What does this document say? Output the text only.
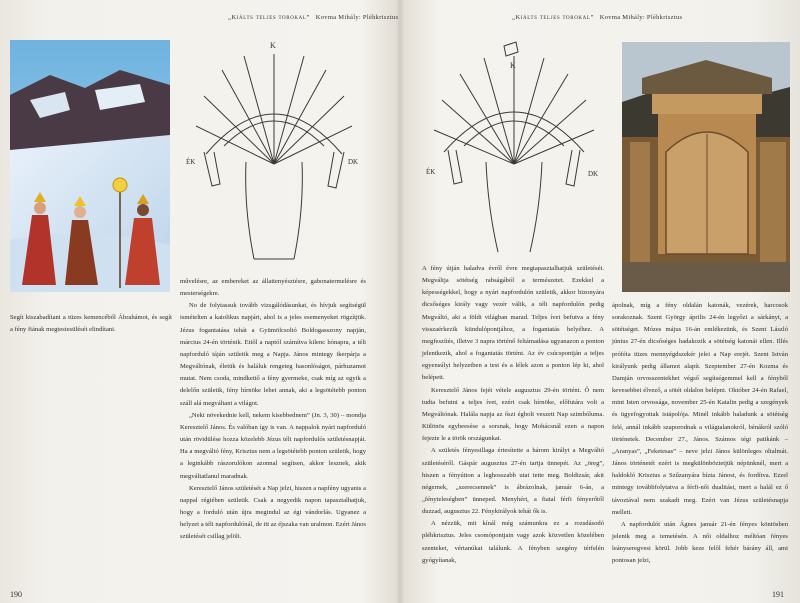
„Kiálts teljes torokal” Kovma Mihály: Pléhkrisztus
K
ÉK	DK

Segít kiszabadítani a tüzes kemencéből Ábrahámot, és segít a fény fiának megtestesülését elindítani.

művelésre, az embereket az állattenyésztésre, gabonatermelésre és mesterségekre.

No de folytassuk tovább vizsgálódásunkat, és hívjuk segítségül ismételten a katolikus napjárt, ahol is a jeles esemenyeket rögzítjük. Jézus fogantatása tehát a Gyümölcsoltó Boldogasszony napján, március 24-én történik. Ettől a naptól számítva kilenc hónapra, a téli napforduló táján születik meg a Napja. János mintegy ikerpárja a Megváltónak, életük és haláluk rengeteg hasonlóságot, párhuzamot mutat. Nem csoda, mindkettő a fény gyermeke, csak míg az egyik a delelőn születik, fény hírnöke lehet annak, aki a legsötétebb ponton száll alá megváltani a világot.

„Neki növekednie kell, nekem kisebbednem” (Jn. 3, 30) – mondja Keresztelő János. És valóban így is van. A nappalok nyári napforduló után rövidülése hozza közelebb Jézus téli napfordulós születésnapját. Ha a megváltó fény, Krisztus nem a legsötétebb ponton születik, hogy a leginkább rászorulókon azonnal segítsen, akkor lesznek, akik megváltatlanul maradnak.

Keresztelő János születését a Nap jelzi, hiszen a napfény ugyanis a nappal régiében születik. Csak a negyedik napon tapasztalhatjuk, hogy a forduló után újra megindul az égi vándorlás. Ugyanez a helyzet a téli napfordulónál, de itt az éjszaka van uralmon. Ezért János születését csillag jelöli.

190
„Kiálts teljes torokal” Kovma Mihály: Pléhkrisztus
K
ÉK	DK

A fény útján haladva évről évre megtapasztalhatjuk születését. Megváltja sötétség rabságából a természetet. Ezekkel a képességekkel, hogy a nyári napfordulón születik, akkor bizonyára dicsőséges király vagy vezér válik, a téli napfordulón pedig Megváltó, aki a földi világban marad. Teljes ívet befutva a fény visszaérkezik kiindulópontjához, a fogantatás helyéhez. A megfeszítés, illetve 3 napra történő feltámadása ugyanazon a ponton jelentkezik, ahol a fogantatás történt. Az év csúcspontján a teljes egyensúlyi helyzetben a test és a lélek azon a ponton lép ki, ahol belépett.

Keresztelő János fejét vétele augusztus 29-én történt. Ő nem tudta befutni a teljes ívet, ezért csak hírnöke, előfutára volt a Megváltónak. Halála napja az őszi égbolt veszett Nap szimbóluma. Különös egybeesése a sorsnak, hogy Mohácsnál ezen a napon fejezte le a török országunkat.

A születés fényesillaga értesítette a három királyt a Megváltó születéséről. Gáspár augusztus 27-én tartja ünnepét. Az „öreg”, hiszen a fényútton a leghosszabb utat tette meg. Boldizsár, akit négernek, „szerecsennek” is ábrázolnak, január 6-án, a „fényteleségben” ünneped. Menyhért, a fiatal férfi fényerőtől duzzad, augusztus 22. Fénykirályok tehát ők is.

A nézzük, mit kínál még számunkra ez a rozsdásodó pléhkrisztus. Jeles csomópontjain vagy azok közvetlen közelében szenteket, vértanúkat találunk. A fényben szegény térfelén gyógyítanak,

ápolnak, míg a fény oldalán katonák, vezérek, harcosok sorakoznak. Szent György április 24-én legyőzi a sárkányt, a sötétséget. Mózes május 16-án emlékezünk, és Szent László június 27-én dicsőséges hadakozik a sötétség katonái ellen. Illés próféta tüzes mennyégdszekér jelei a Nap erejét. Szent István királyunk pedig államot alapít. Szeptember 27-én Kozma és Damján orvosszentekhet végső segítségemmel kell a fényből kevesebbet élvező, a sötét oldalon belépni. Október 24-én Rafael, mint Isten orvossága, november 25-én Katalin pedig a szegények és ügyefogyottak istápolója. Minél inkább haladunk a sötétség felé, annál inkább szaporodnak a világtalanokról, bénákról szóló történetek. December 27., János. Számos tégi patikánk – „Aranyas”, „Feketesas” – neve jelzi János különleges oltalmát. János történetét ezért is megkülönböztetjük népünknél, mert a haldokló Krisztus a Szűzanyára bízta Jánost, és fordítva. Ezzel mintegy továbbfolytatva a férfi-női dualitást, mert a halál ez ő távoztával nem szakadt meg. Ezért van Jézus születésnapja mellett.

A napfordulót után Ágnes január 21-én fényes köntösben jelenik meg a temetésén. A női oldalhoz méltóan fényes leányseregvesi körül. Jobb keze felől fehér bárány áll, ami pontosan jelzi,

191
